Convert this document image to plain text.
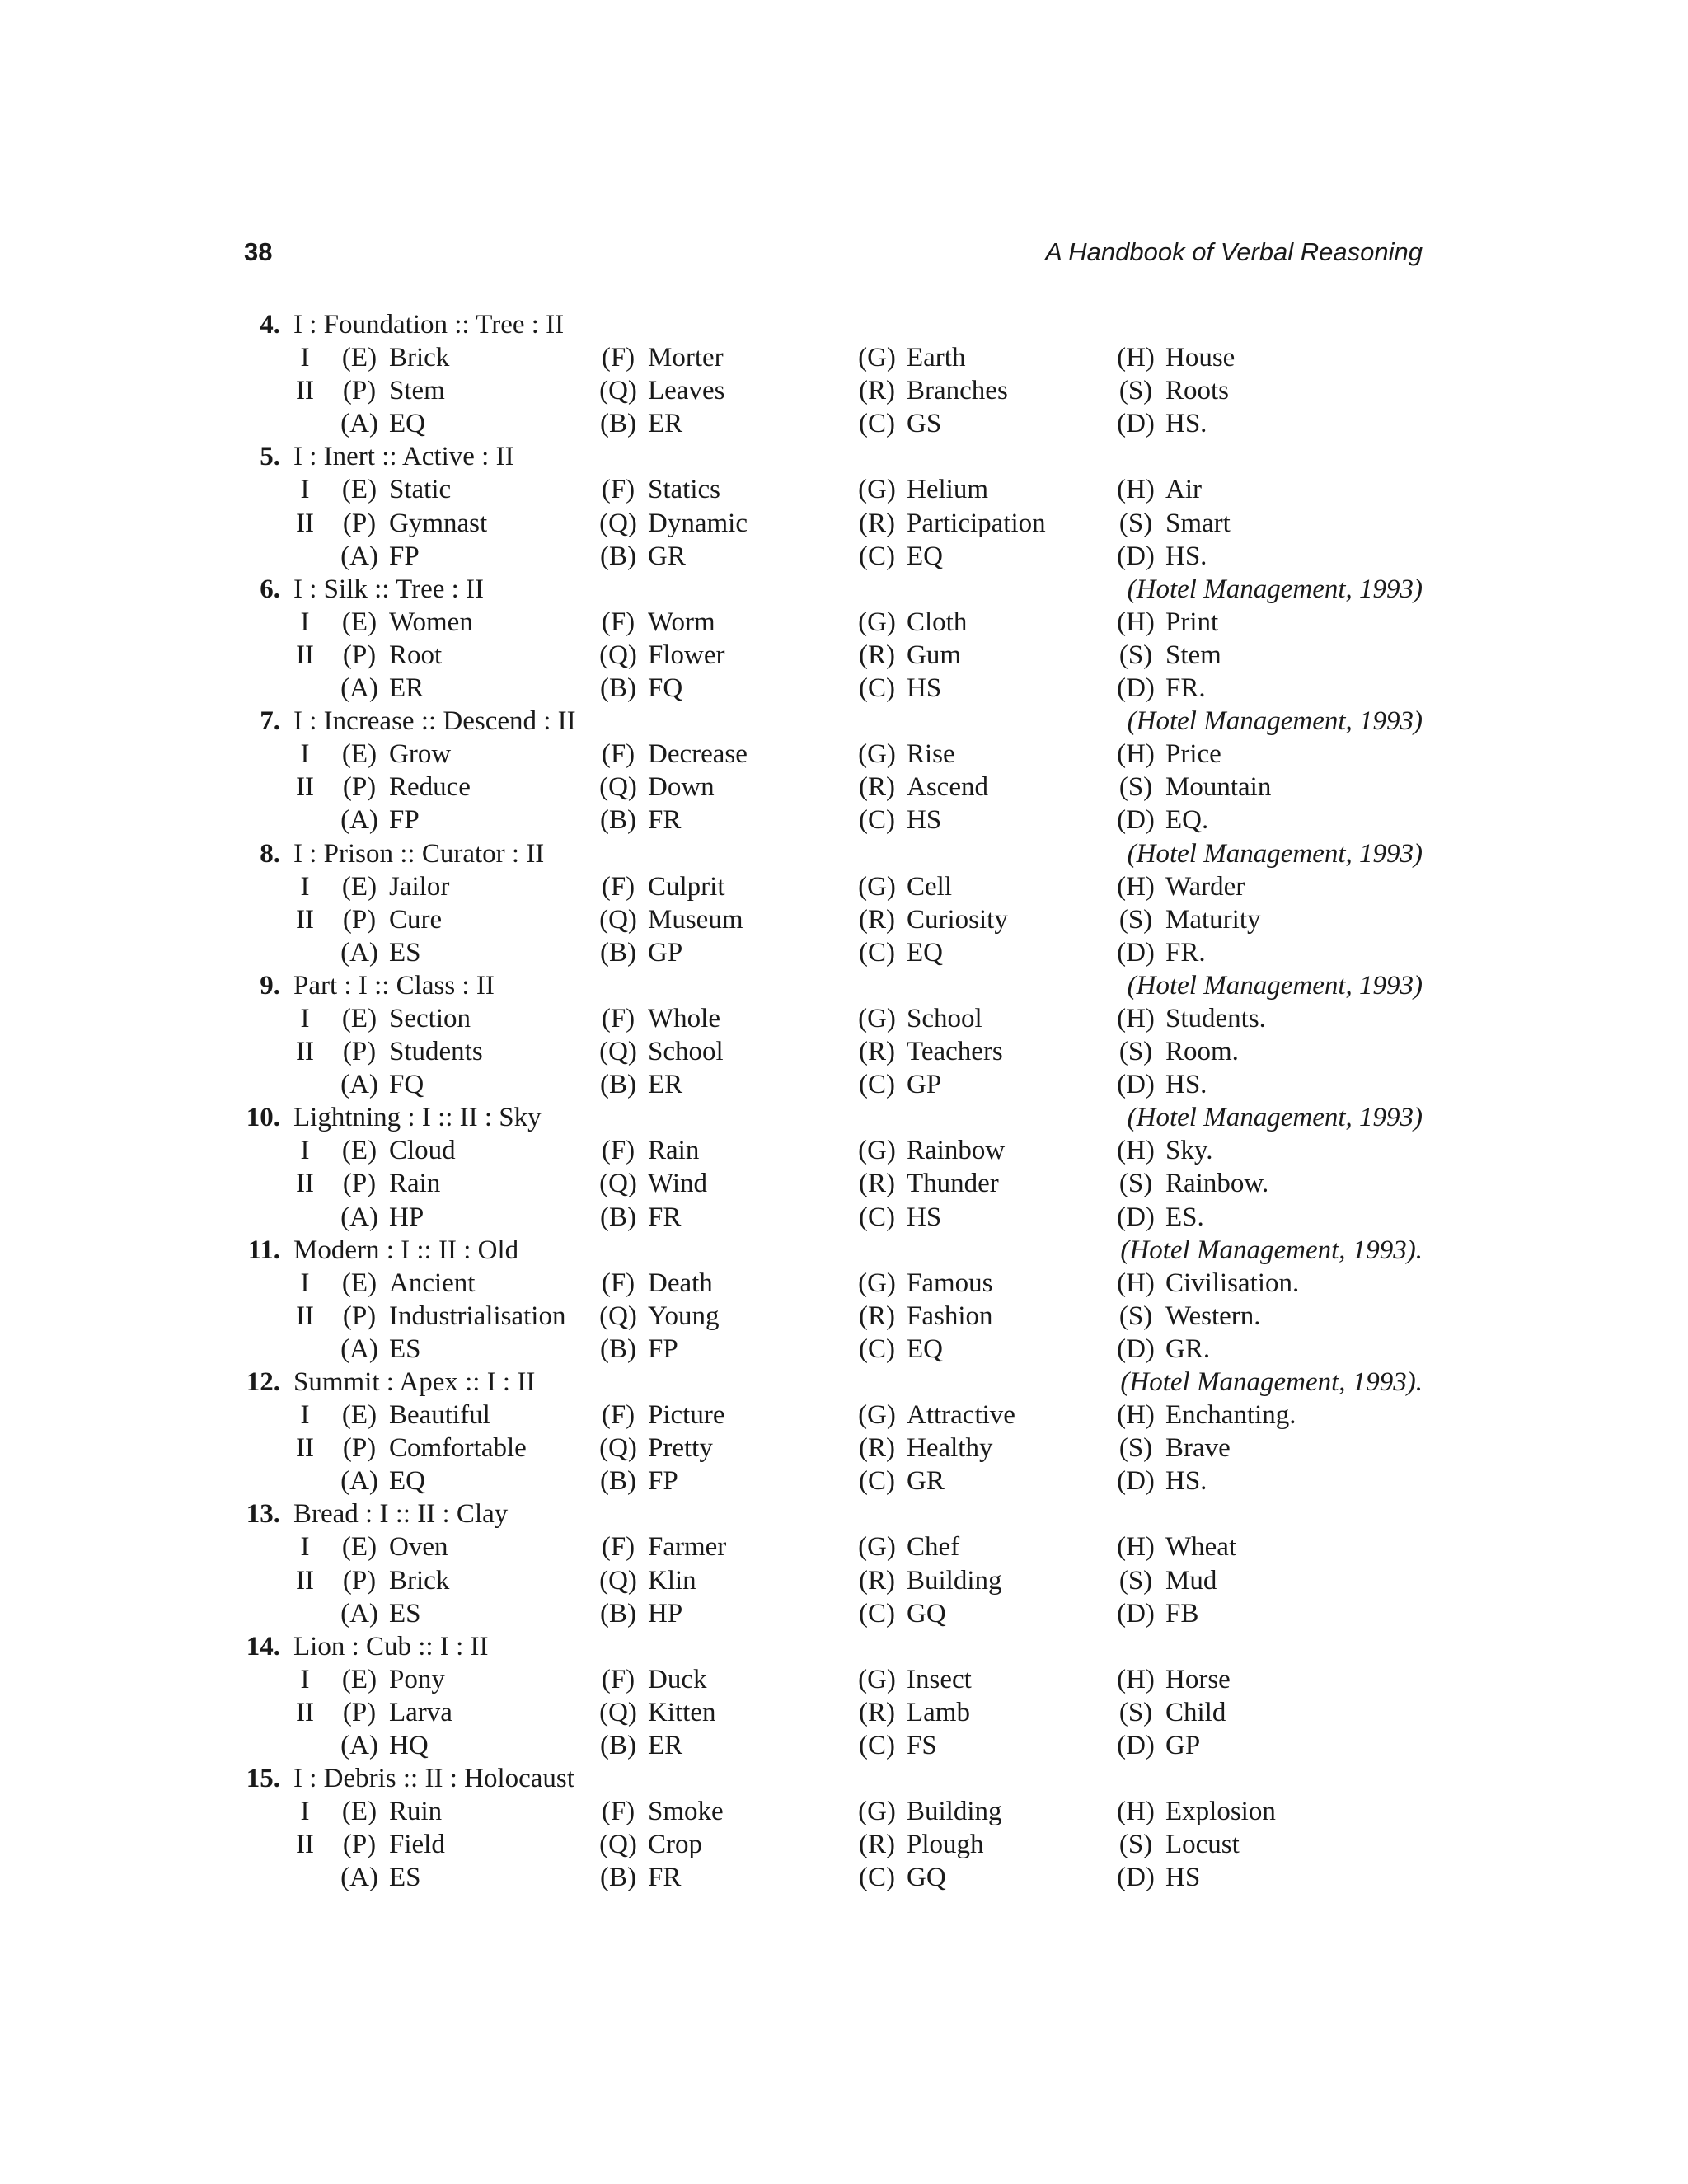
38	A Handbook of Verbal Reasoning
4. I : Foundation :: Tree : II
I (E) Brick	(F) Morter	(G) Earth	(H) House
II (P) Stem	(Q) Leaves	(R) Branches	(S) Roots
(A) EQ	(B) ER	(C) GS	(D) HS.
5. I : Inert :: Active : II
I (E) Static	(F) Statics	(G) Helium	(H) Air
II (P) Gymnast	(Q) Dynamic	(R) Participation	(S) Smart
(A) FP	(B) GR	(C) EQ	(D) HS.
6. I : Silk :: Tree : II	(Hotel Management, 1993)
I (E) Women	(F) Worm	(G) Cloth	(H) Print
II (P) Root	(Q) Flower	(R) Gum	(S) Stem
(A) ER	(B) FQ	(C) HS	(D) FR.
7. I : Increase :: Descend : II	(Hotel Management, 1993)
I (E) Grow	(F) Decrease	(G) Rise	(H) Price
II (P) Reduce	(Q) Down	(R) Ascend	(S) Mountain
(A) FP	(B) FR	(C) HS	(D) EQ.
8. I : Prison :: Curator : II	(Hotel Management, 1993)
I (E) Jailor	(F) Culprit	(G) Cell	(H) Warder
II (P) Cure	(Q) Museum	(R) Curiosity	(S) Maturity
(A) ES	(B) GP	(C) EQ	(D) FR.
9. Part : I :: Class : II	(Hotel Management, 1993)
I (E) Section	(F) Whole	(G) School	(H) Students.
II (P) Students	(Q) School	(R) Teachers	(S) Room.
(A) FQ	(B) ER	(C) GP	(D) HS.
10. Lightning : I :: II : Sky	(Hotel Management, 1993)
I (E) Cloud	(F) Rain	(G) Rainbow	(H) Sky.
II (P) Rain	(Q) Wind	(R) Thunder	(S) Rainbow.
(A) HP	(B) FR	(C) HS	(D) ES.
11. Modern : I :: II : Old	(Hotel Management, 1993).
I (E) Ancient	(F) Death	(G) Famous	(H) Civilisation.
II (P) Industrialisation (Q) Young	(R) Fashion	(S) Western.
(A) ES	(B) FP	(C) EQ	(D) GR.
12. Summit : Apex :: I : II	(Hotel Management, 1993).
I (E) Beautiful	(F) Picture	(G) Attractive	(H) Enchanting.
II (P) Comfortable	(Q) Pretty	(R) Healthy	(S) Brave
(A) EQ	(B) FP	(C) GR	(D) HS.
13. Bread : I :: II : Clay
I (E) Oven	(F) Farmer	(G) Chef	(H) Wheat
II (P) Brick	(Q) Klin	(R) Building	(S) Mud
(A) ES	(B) HP	(C) GQ	(D) FB
14. Lion : Cub :: I : II
I (E) Pony	(F) Duck	(G) Insect	(H) Horse
II (P) Larva	(Q) Kitten	(R) Lamb	(S) Child
(A) HQ	(B) ER	(C) FS	(D) GP
15. I : Debris :: II : Holocaust
I (E) Ruin	(F) Smoke	(G) Building	(H) Explosion
II (P) Field	(Q) Crop	(R) Plough	(S) Locust
(A) ES	(B) FR	(C) GQ	(D) HS
